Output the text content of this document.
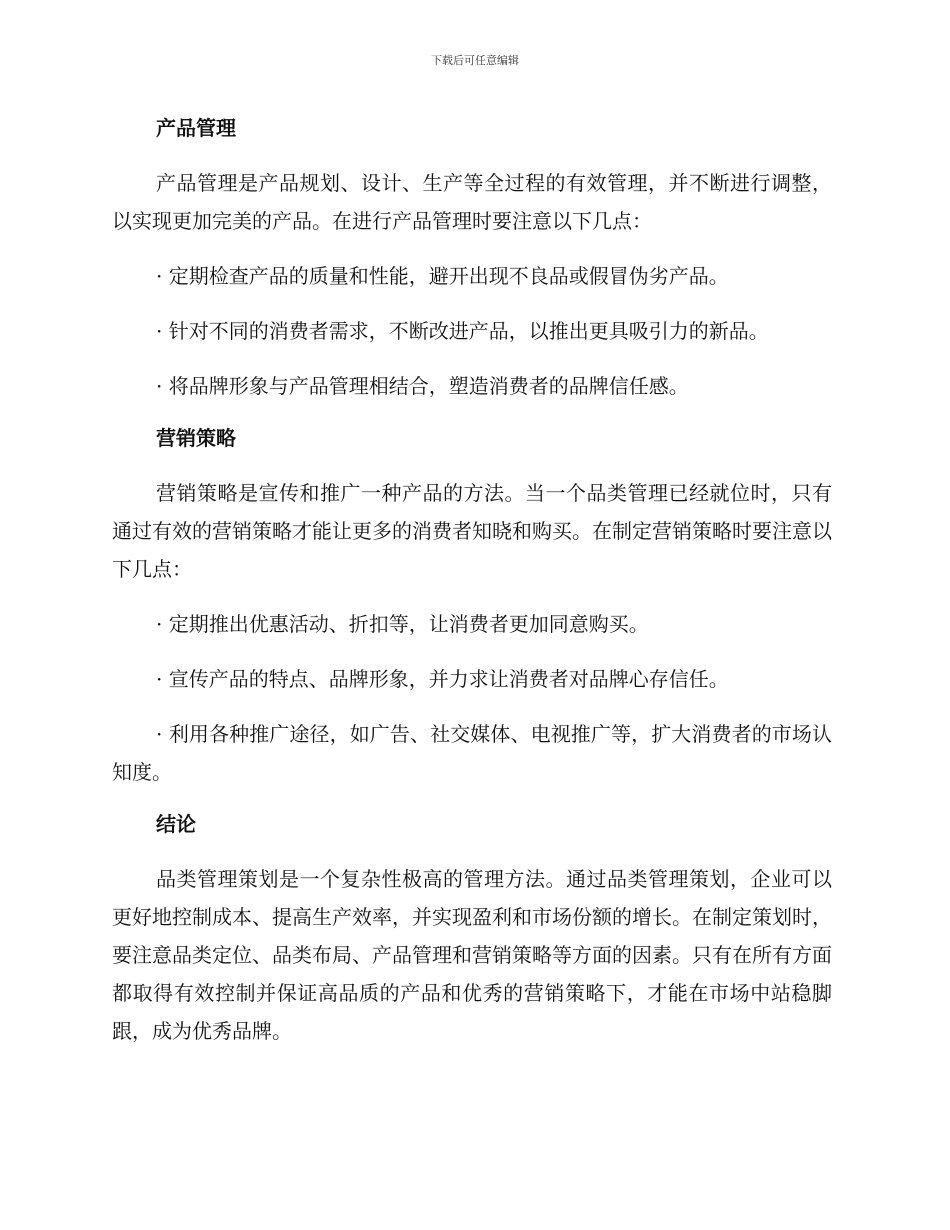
下载后可任意编辑
产品管理

产品管理是产品规划、设计、生产等全过程的有效管理，并不断进行调整，以实现更加完美的产品。在进行产品管理时要注意以下几点：

· 定期检查产品的质量和性能，避开出现不良品或假冒伪劣产品。

· 针对不同的消费者需求，不断改进产品，以推出更具吸引力的新品。

· 将品牌形象与产品管理相结合，塑造消费者的品牌信任感。

营销策略

营销策略是宣传和推广一种产品的方法。当一个品类管理已经就位时，只有通过有效的营销策略才能让更多的消费者知晓和购买。在制定营销策略时要注意以下几点：

· 定期推出优惠活动、折扣等，让消费者更加同意购买。

· 宣传产品的特点、品牌形象，并力求让消费者对品牌心存信任。

· 利用各种推广途径，如广告、社交媒体、电视推广等，扩大消费者的市场认知度。

结论

品类管理策划是一个复杂性极高的管理方法。通过品类管理策划，企业可以更好地控制成本、提高生产效率，并实现盈利和市场份额的增长。在制定策划时，要注意品类定位、品类布局、产品管理和营销策略等方面的因素。只有在所有方面都取得有效控制并保证高品质的产品和优秀的营销策略下，才能在市场中站稳脚跟，成为优秀品牌。
